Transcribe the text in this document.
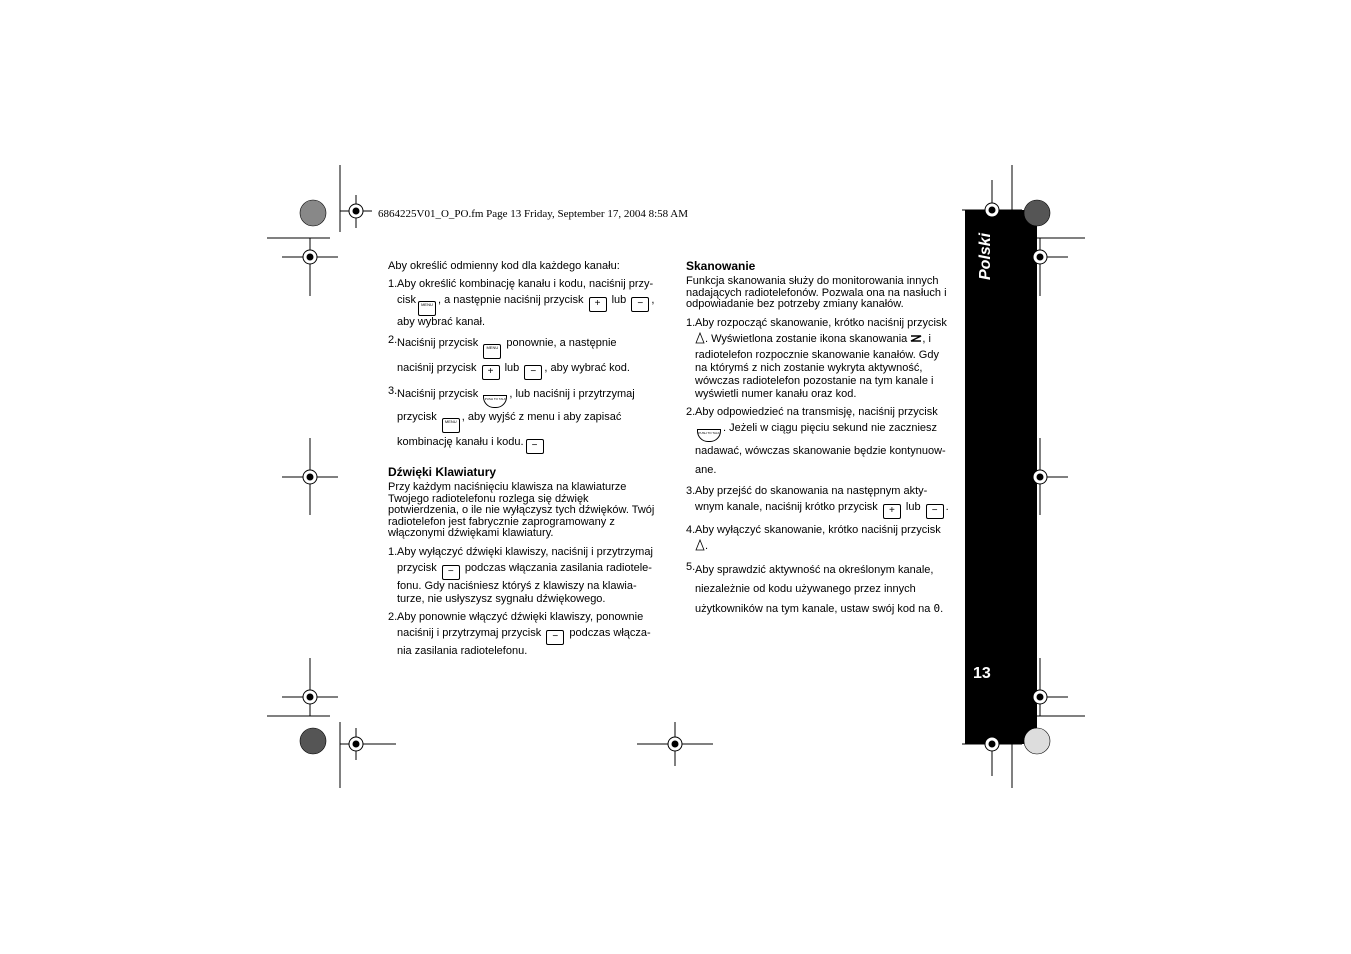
6864225V01_O_PO.fm Page 13 Friday, September 17, 2004 8:58 AM

Aby określić odmienny kod dla każdego kanału:

1. Aby określić kombinację kanału i kodu, naciśnij przy-
ciskMENU , a następnie naciśnij przycisk +	lub − ,
aby wybrać kanał.
2. Naciśnij przycisk MENU	ponownie, a następnie
naciśnij przycisk +	lub − , aby wybrać kod.
3. Naciśnij przycisk PUSH TO TALK	, lub naciśnij i przytrzymaj
przycisk MENU , aby wyjść z menu i aby zapisać
kombinację kanału i kodu.−
Dźwięki Klawiatury

Przy każdym naciśnięciu klawisza na klawiaturze Twojego radiotelefonu rozlega się dźwięk potwierdzenia, o ile nie wyłączysz tych dźwięków. Twój radiotelefon jest fabrycznie zaprogramowany z włączonymi dźwiękami klawiatury.

1. Aby wyłączyć dźwięki klawiszy, naciśnij i przytrzymaj
przycisk −	podczas włączania zasilania radiotele-
fonu. Gdy naciśniesz któryś z klawiszy na klawia-
turze, nie usłyszysz sygnału dźwiękowego.
2. Aby ponownie włączyć dźwięki klawiszy, ponownie
naciśnij i przytrzymaj przycisk −	podczas włącza-
nia zasilania radiotelefonu.
Skanowanie

Funkcja skanowania służy do monitorowania innych nadających radiotelefonów. Pozwala ona na nasłuch i odpowiadanie bez potrzeby zmiany kanałów.

1. Aby rozpocząć skanowanie, krótko naciśnij przycisk
. Wyświetlona zostanie ikona skanowania , i
radiotelefon rozpocznie skanowanie kanałów. Gdy
na którymś z nich zostanie wykryta aktywność,
wówczas radiotelefon pozostanie na tym kanale i
wyświetli numer kanału oraz kod.
2. Aby odpowiedzieć na transmisję, naciśnij przycisk
PUSH TO TALK. Jeżeli w ciągu pięciu sekund nie zaczniesz
nadawać, wówczas skanowanie będzie kontynuow-
ane.
3. Aby przejść do skanowania na następnym akty-
wnym kanale, naciśnij krótko przycisk +	lub − .
4. Aby wyłączyć skanowanie, krótko naciśnij przycisk
.
5. Aby sprawdzić aktywność na określonym kanale,
niezależnie od kodu używanego przez innych
użytkowników na tym kanale, ustaw swój kod na 0.
Polski
13
